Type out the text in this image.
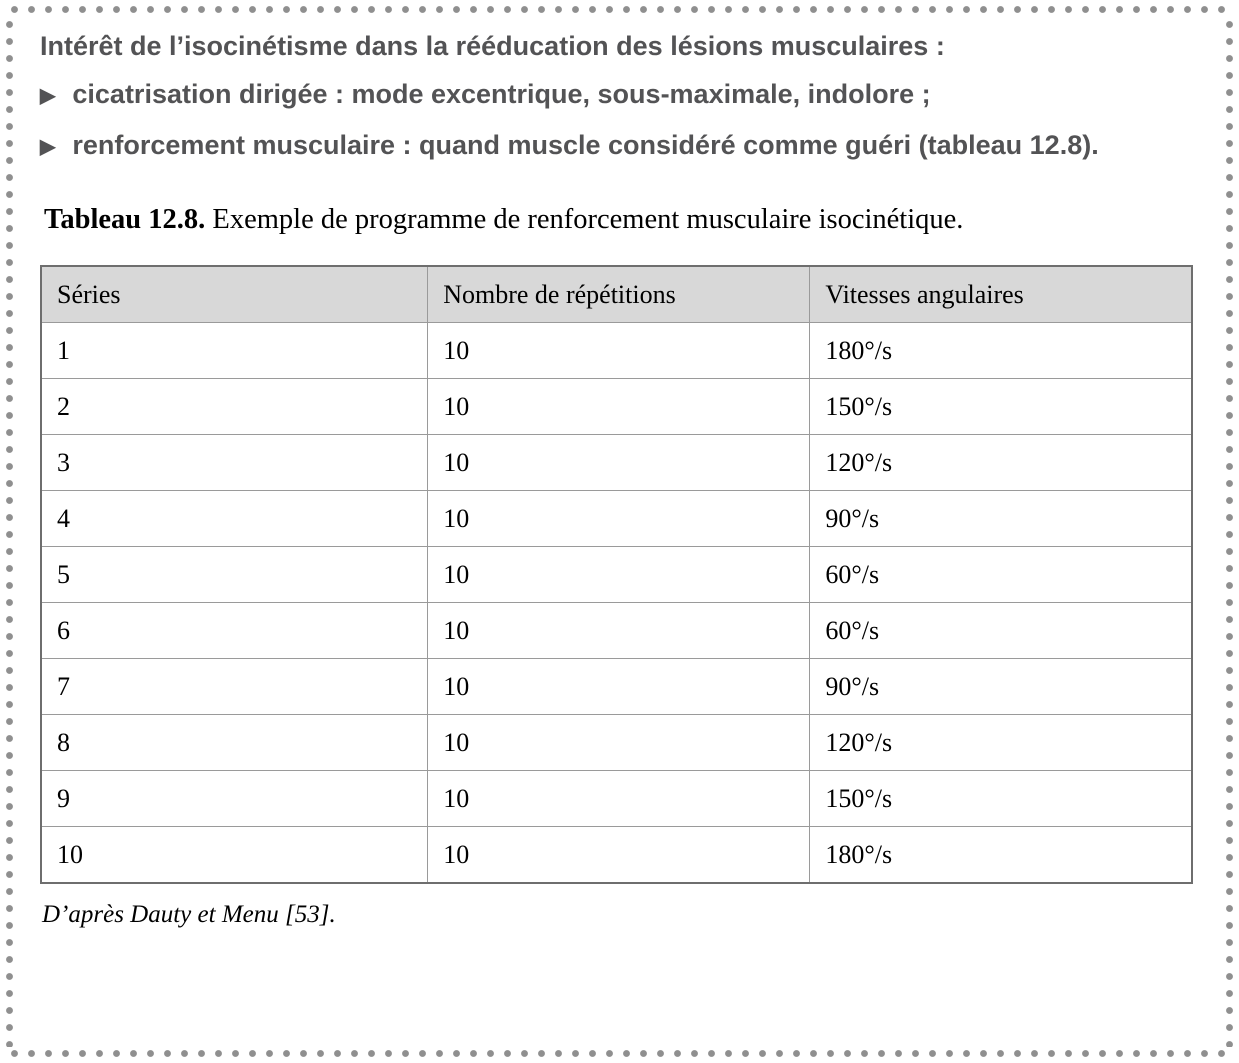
Intérêt de l’isocinétisme dans la rééducation des lésions musculaires :

▶ cicatrisation dirigée : mode excentrique, sous-maximale, indolore ;

▶ renforcement musculaire : quand muscle considéré comme guéri (tableau 12.8).

Tableau 12.8. Exemple de programme de renforcement musculaire isocinétique.

Séries	Nombre de répétitions	Vitesses angulaires
1	10	180°/s
2	10	150°/s
3	10	120°/s
4	10	90°/s
5	10	60°/s
6	10	60°/s
7	10	90°/s
8	10	120°/s
9	10	150°/s
10	10	180°/s

D’après Dauty et Menu [53].
